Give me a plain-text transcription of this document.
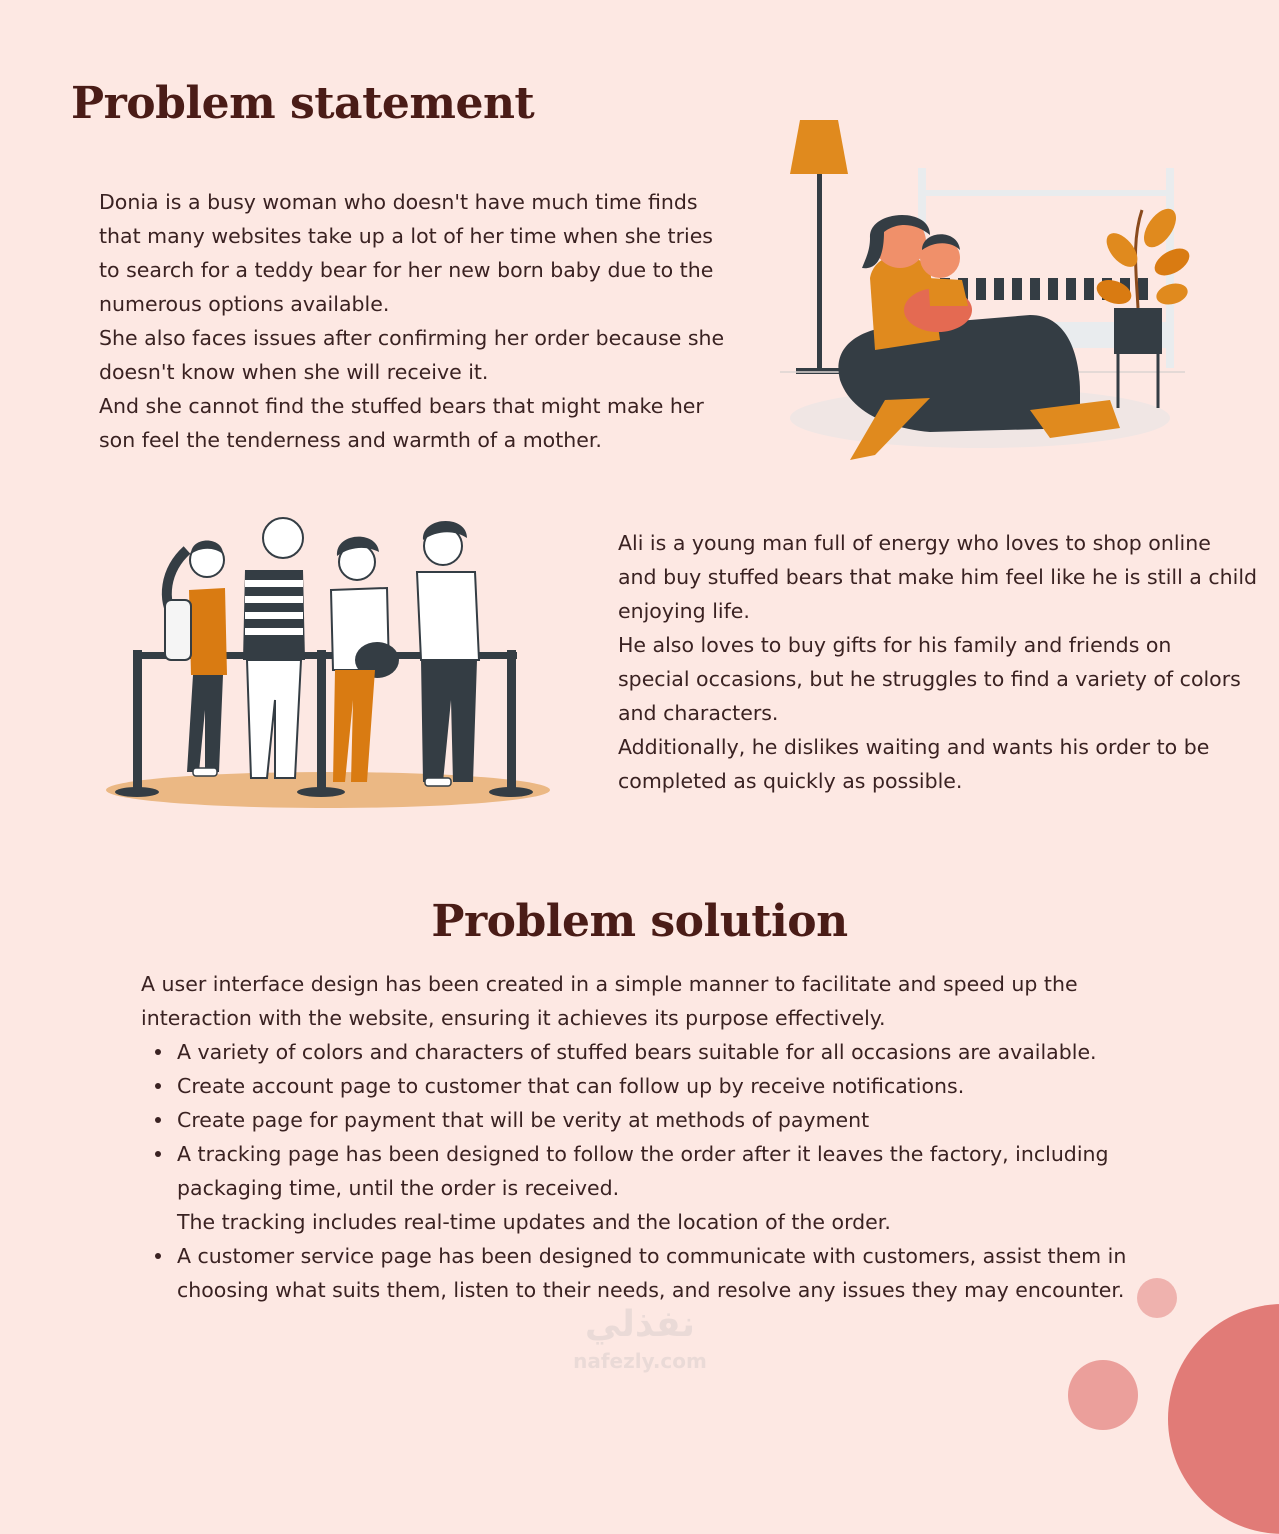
Problem statement

Donia is a busy woman who doesn't have much time finds
that many websites take up a lot of her time when she tries
to search for a teddy bear for her new born baby due to the
numerous options available.
She also faces issues after confirming her order because she
doesn't know when she will receive it.
And she cannot find the stuffed bears that might make her
son feel the tenderness and warmth of a mother.

Ali is a young man full of energy who loves to shop online
and buy stuffed bears that make him feel like he is still a child
enjoying life.
He also loves to buy gifts for his family and friends on
special occasions, but he struggles to find a variety of colors
and characters.
Additionally, he dislikes waiting and wants his order to be
completed as quickly as possible.

Problem solution

A user interface design has been created in a simple manner to facilitate and speed up the
interaction with the website, ensuring it achieves its purpose effectively.

A variety of colors and characters of stuffed bears suitable for all occasions are available.
Create account page to customer that can follow up by receive notifications.
Create page for payment that will be verity at methods of payment
A tracking page has been designed to follow the order after it leaves the factory, including
packaging time, until the order is received.
The tracking includes real-time updates and the location of the order.
A customer service page has been designed to communicate with customers, assist them in
choosing what suits them, listen to their needs, and resolve any issues they may encounter.
نفذلي
nafezly.com
